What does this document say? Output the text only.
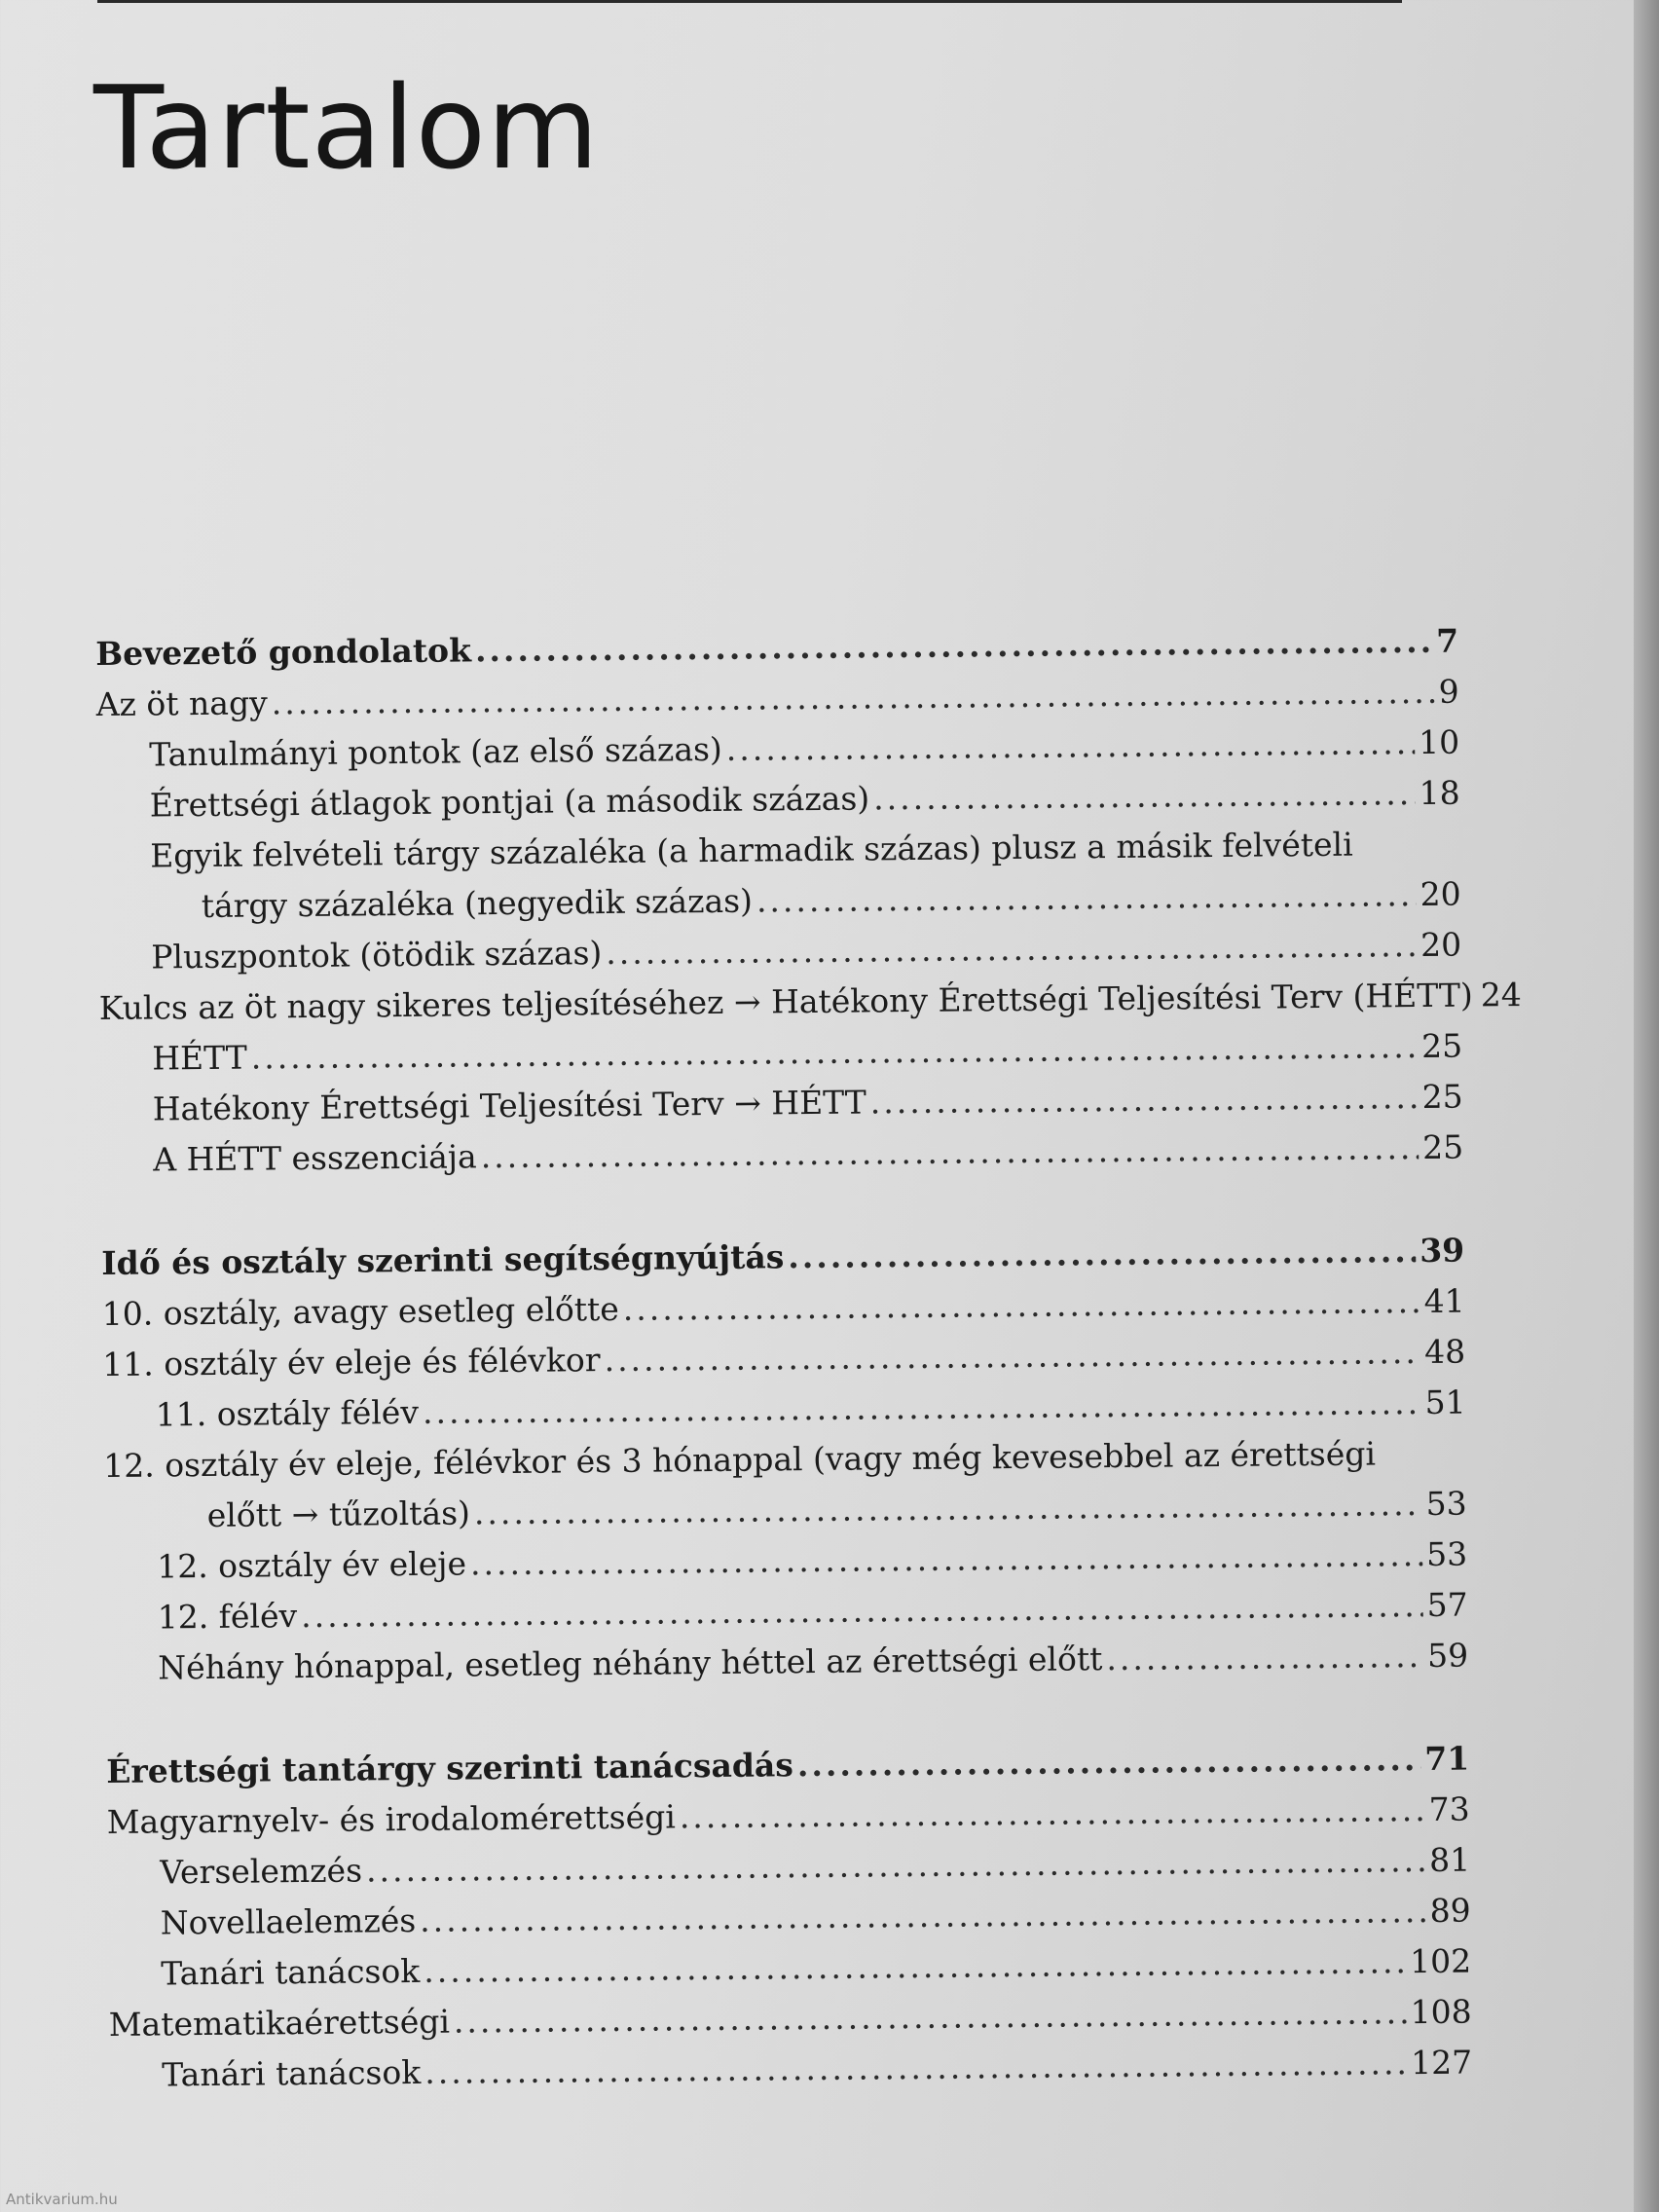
Tartalom
Bevezető gondolatok .....	7
Az öt nagy .....	9
Tanulmányi pontok (az első százas) .....	10
Érettségi átlagok pontjai (a második százas) .....	18
Egyik felvételi tárgy százaléka (a harmadik százas) plusz a másik felvételi
tárgy százaléka (negyedik százas) .....	20
Pluszpontok (ötödik százas) .....	20
Kulcs az öt nagy sikeres teljesítéséhez → Hatékony Érettségi Teljesítési Terv (HÉTT) ..... 24
HÉTT .....	25
Hatékony Érettségi Teljesítési Terv → HÉTT .....	25
A HÉTT esszenciája .....	25
Idő és osztály szerinti segítségnyújtás .....	39
10. osztály, avagy esetleg előtte .....	41
11. osztály év eleje és félévkor .....	48
11. osztály félév .....	51
12. osztály év eleje, félévkor és 3 hónappal (vagy még kevesebbel az érettségi
előtt → tűzoltás) .....	53
12. osztály év eleje .....	53
12. félév .....	57
Néhány hónappal, esetleg néhány héttel az érettségi előtt .....	59
Érettségi tantárgy szerinti tanácsadás .....	71
Magyarnyelv- és irodalomérettségi .....	73
Verselemzés .....	81
Novellaelemzés .....	89
Tanári tanácsok .....	102
Matematikaérettségi .....	108
Tanári tanácsok .....	127
Antikvarium.hu
